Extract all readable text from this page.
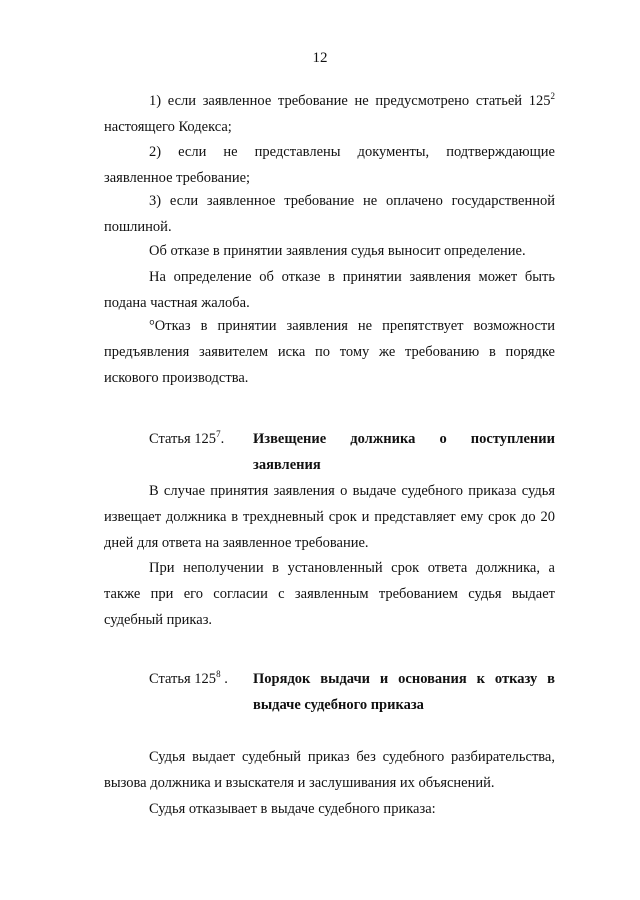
12

1) если заявленное требование не предусмотрено статьей $125^2$ настоящего Кодекса;

2) если не представлены документы, подтверждающие заявленное требование;

3) если заявленное требование не оплачено государственной пошлиной.

Об отказе в принятии заявления судья выносит определение.

На определение об отказе в принятии заявления может быть подана частная жалоба.

°Отказ в принятии заявления не препятствует возможности предъявления заявителем иска по тому же требованию в порядке искового производства.

Статья $125^7$.	Извещение должника о поступлении заявления

В случае принятия заявления о выдаче судебного приказа судья извещает должника в трехдневный срок и представляет ему срок до 20 дней для ответа на заявленное требование.

При неполучении в установленный срок ответа должника, а также при его согласии с заявленным требованием судья выдает судебный приказ.

Статья $125^8$ .	Порядок выдачи и основания к отказу в выдаче судебного приказа

Судья выдает судебный приказ без судебного разбирательства, вызова должника и взыскателя и заслушивания их объяснений.

Судья отказывает в выдаче судебного приказа:
